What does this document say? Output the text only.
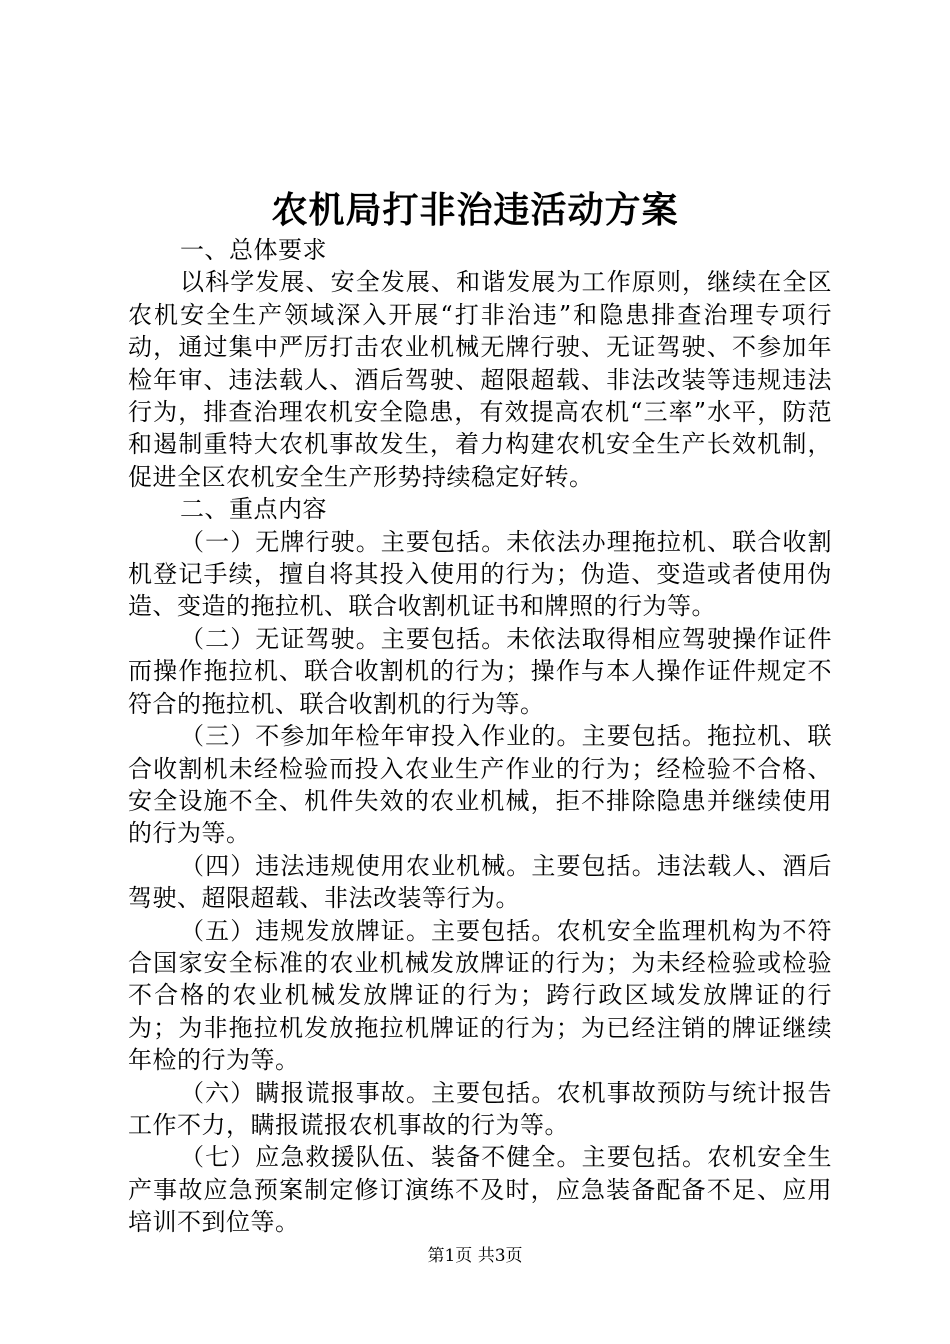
农机局打非治违活动方案

一、总体要求

以科学发展、安全发展、和谐发展为工作原则，继续在全区农机安全生产领域深入开展“打非治违”和隐患排查治理专项行动，通过集中严厉打击农业机械无牌行驶、无证驾驶、不参加年检年审、违法载人、酒后驾驶、超限超载、非法改装等违规违法行为，排查治理农机安全隐患，有效提高农机“三率”水平，防范和遏制重特大农机事故发生，着力构建农机安全生产长效机制，促进全区农机安全生产形势持续稳定好转。

二、重点内容

（一）无牌行驶。主要包括。未依法办理拖拉机、联合收割机登记手续，擅自将其投入使用的行为；伪造、变造或者使用伪造、变造的拖拉机、联合收割机证书和牌照的行为等。

（二）无证驾驶。主要包括。未依法取得相应驾驶操作证件而操作拖拉机、联合收割机的行为；操作与本人操作证件规定不符合的拖拉机、联合收割机的行为等。

（三）不参加年检年审投入作业的。主要包括。拖拉机、联合收割机未经检验而投入农业生产作业的行为；经检验不合格、安全设施不全、机件失效的农业机械，拒不排除隐患并继续使用的行为等。

（四）违法违规使用农业机械。主要包括。违法载人、酒后驾驶、超限超载、非法改装等行为。

（五）违规发放牌证。主要包括。农机安全监理机构为不符合国家安全标准的农业机械发放牌证的行为；为未经检验或检验不合格的农业机械发放牌证的行为；跨行政区域发放牌证的行为；为非拖拉机发放拖拉机牌证的行为；为已经注销的牌证继续年检的行为等。

（六）瞒报谎报事故。主要包括。农机事故预防与统计报告工作不力，瞒报谎报农机事故的行为等。

（七）应急救援队伍、装备不健全。主要包括。农机安全生产事故应急预案制定修订演练不及时，应急装备配备不足、应用培训不到位等。

第1页 共3页
